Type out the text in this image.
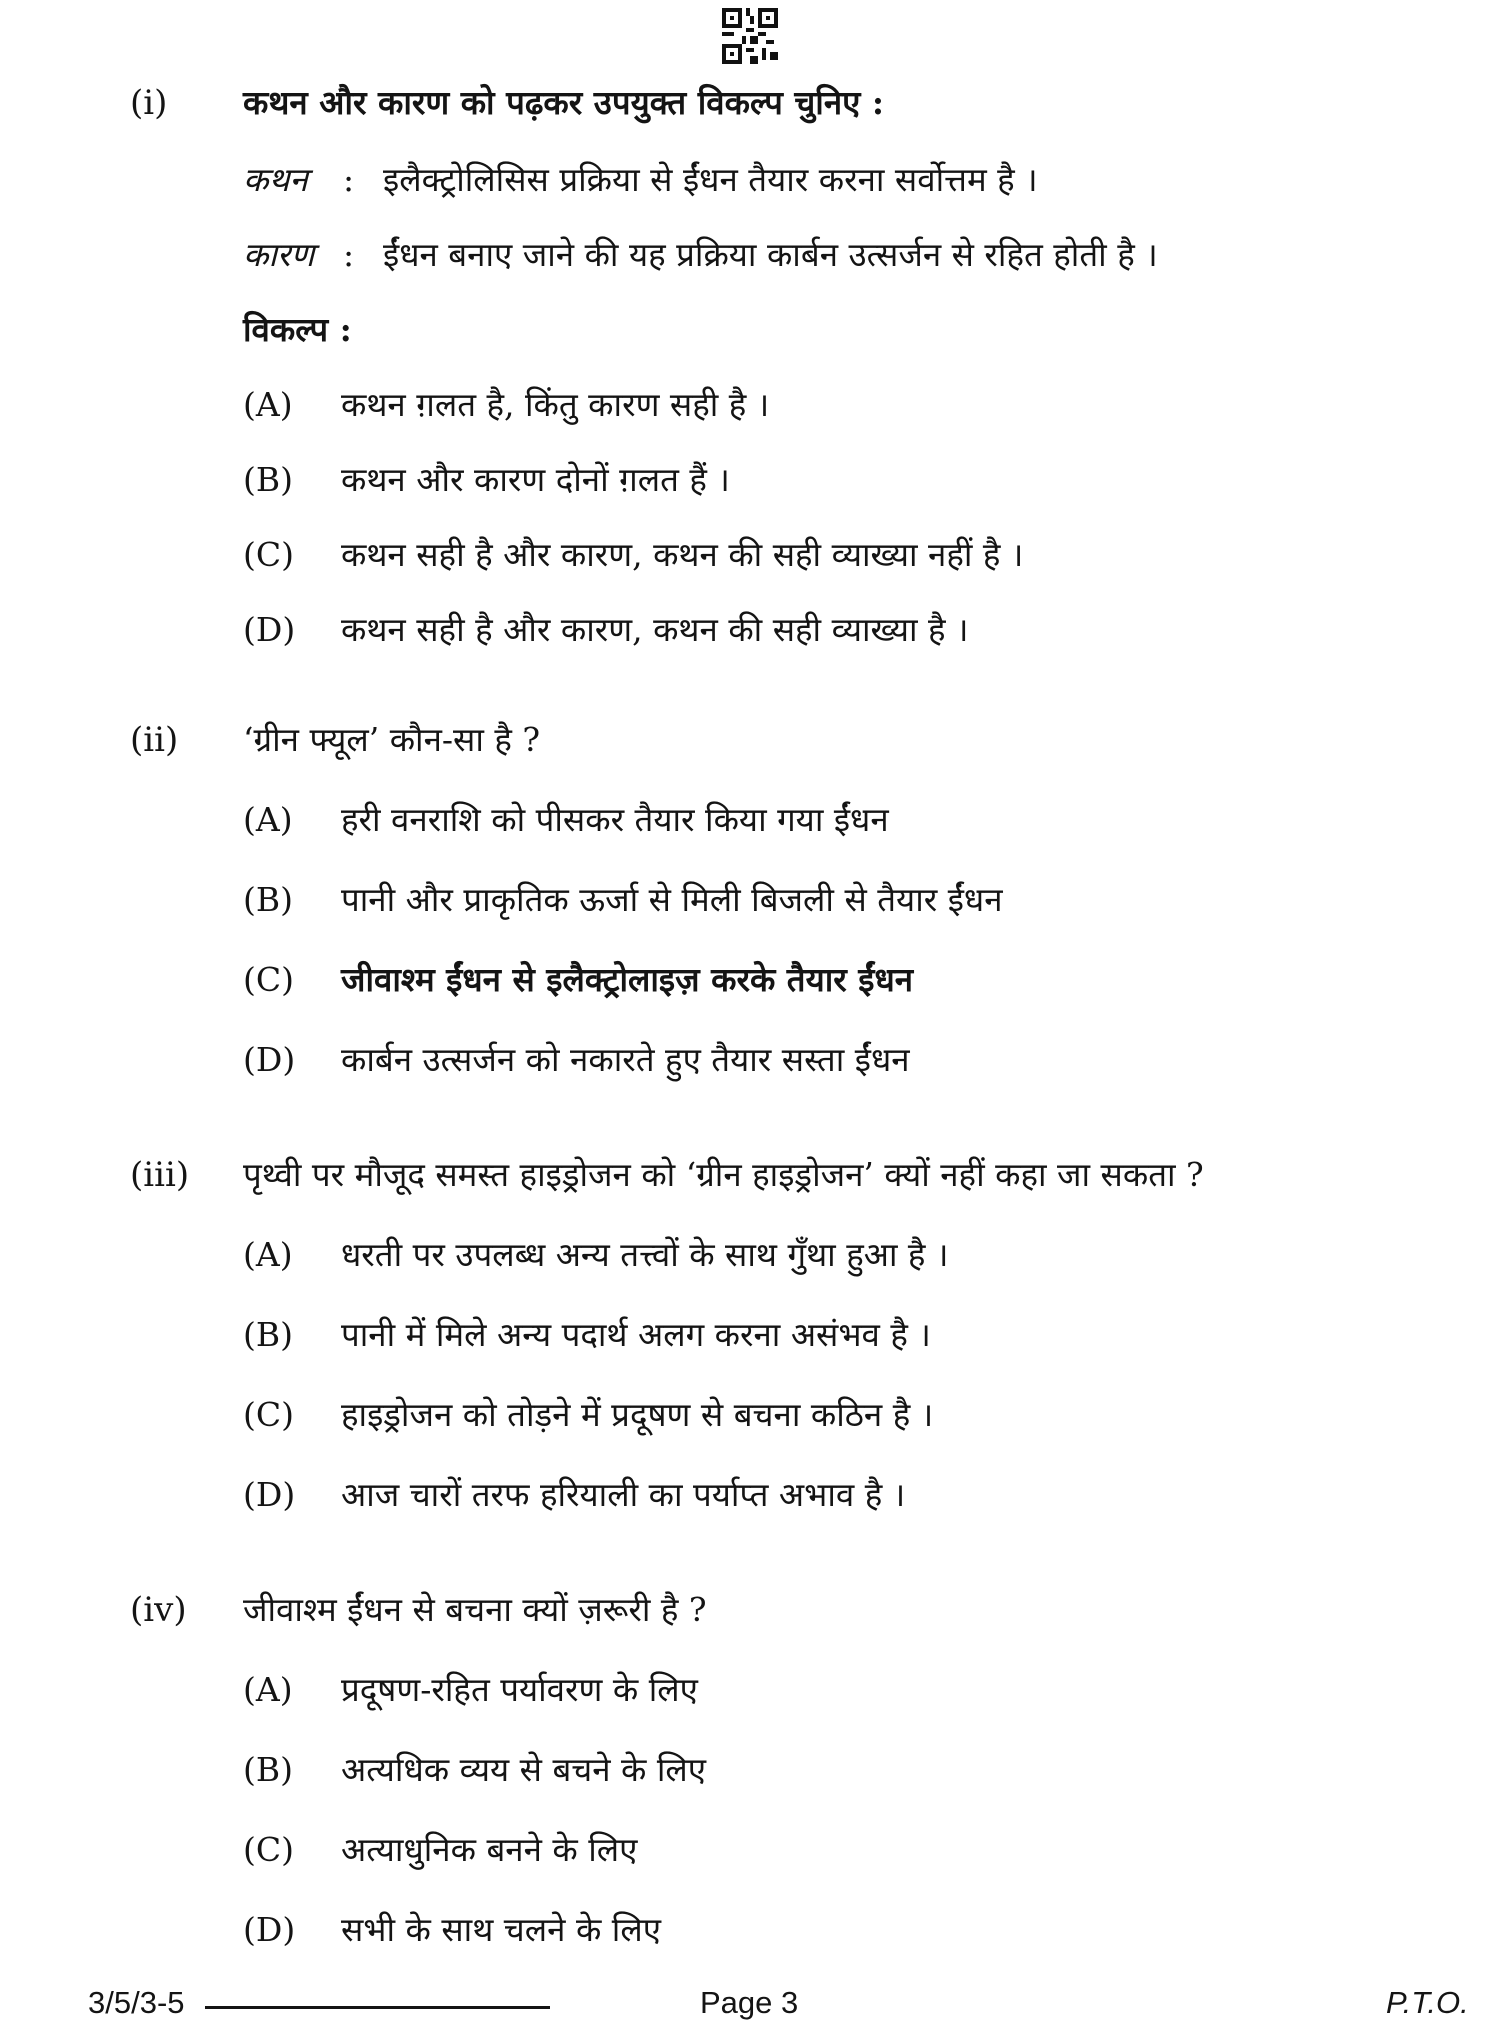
(i) कथन और कारण को पढ़कर उपयुक्त विकल्प चुनिए :
कथन : इलैक्ट्रोलिसिस प्रक्रिया से ईंधन तैयार करना सर्वोत्तम है ।
कारण : ईंधन बनाए जाने की यह प्रक्रिया कार्बन उत्सर्जन से रहित होती है ।
विकल्प :
(A) कथन ग़लत है, किंतु कारण सही है ।
(B) कथन और कारण दोनों ग़लत हैं ।
(C) कथन सही है और कारण, कथन की सही व्याख्या नहीं है ।
(D) कथन सही है और कारण, कथन की सही व्याख्या है ।
(ii) ‘ग्रीन फ्यूल’ कौन-सा है ?
(A) हरी वनराशि को पीसकर तैयार किया गया ईंधन
(B) पानी और प्राकृतिक ऊर्जा से मिली बिजली से तैयार ईंधन
(C) जीवाश्म ईंधन से इलैक्ट्रोलाइज़ करके तैयार ईंधन
(D) कार्बन उत्सर्जन को नकारते हुए तैयार सस्ता ईंधन
(iii) पृथ्वी पर मौजूद समस्त हाइड्रोजन को ‘ग्रीन हाइड्रोजन’ क्यों नहीं कहा जा सकता ?
(A) धरती पर उपलब्ध अन्य तत्त्वों के साथ गुँथा हुआ है ।
(B) पानी में मिले अन्य पदार्थ अलग करना असंभव है ।
(C) हाइड्रोजन को तोड़ने में प्रदूषण से बचना कठिन है ।
(D) आज चारों तरफ हरियाली का पर्याप्त अभाव है ।
(iv) जीवाश्म ईंधन से बचना क्यों ज़रूरी है ?
(A) प्रदूषण-रहित पर्यावरण के लिए
(B) अत्यधिक व्यय से बचने के लिए
(C) अत्याधुनिक बनने के लिए
(D) सभी के साथ चलने के लिए
3/5/3-5	Page 3	P.T.O.
